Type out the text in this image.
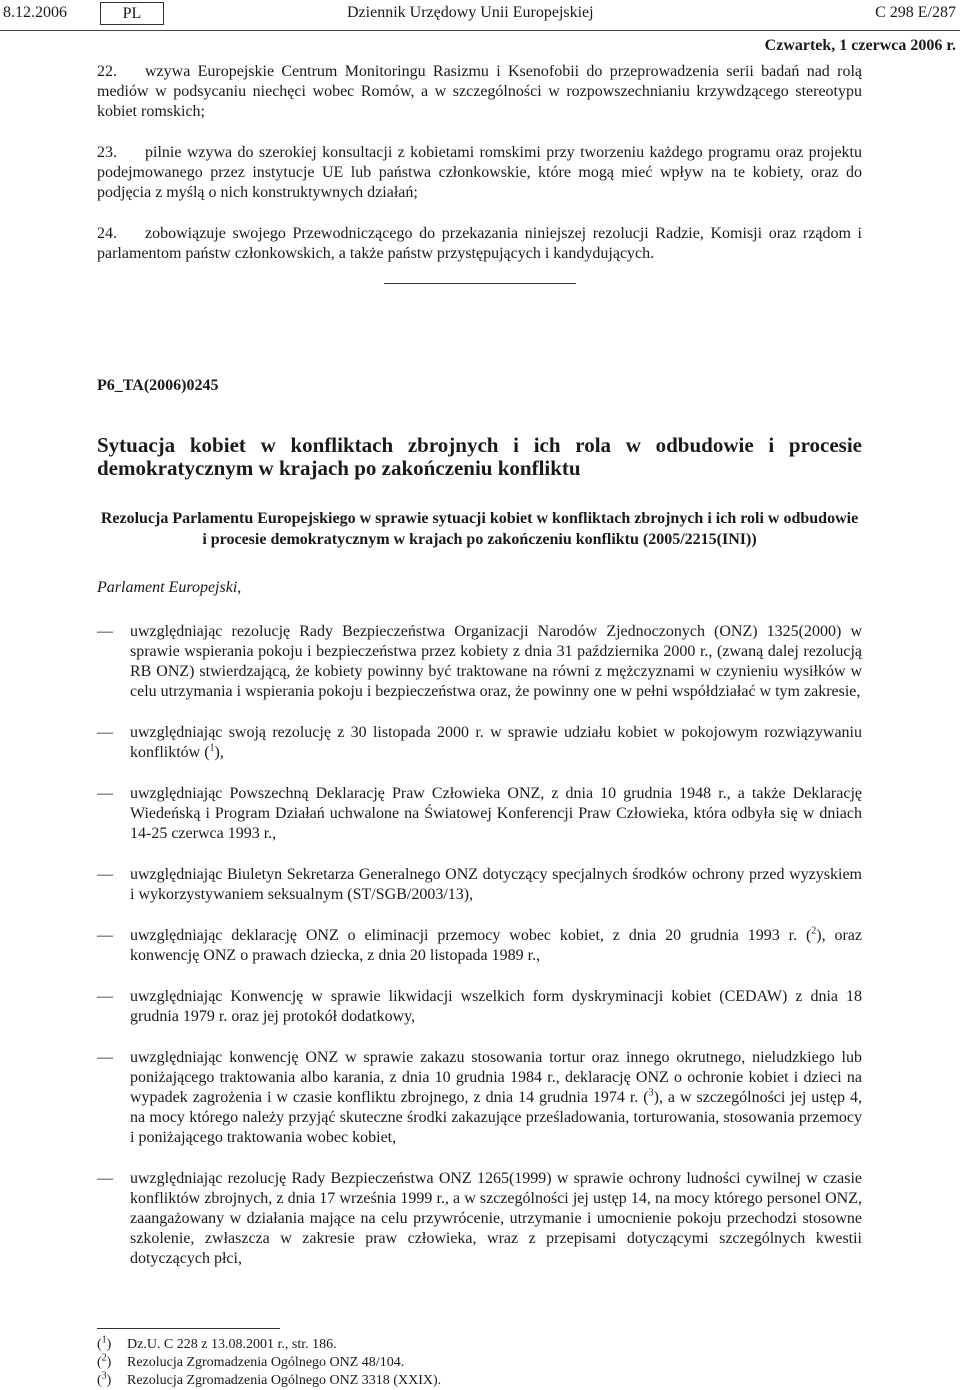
8.12.2006	PL	Dziennik Urzędowy Unii Europejskiej	C 298 E/287
Czwartek, 1 czerwca 2006 r.

22. wzywa Europejskie Centrum Monitoringu Rasizmu i Ksenofobii do przeprowadzenia serii badań nad rolą mediów w podsycaniu niechęci wobec Romów, a w szczególności w rozpowszechnianiu krzywdzącego stereotypu kobiet romskich;

23. pilnie wzywa do szerokiej konsultacji z kobietami romskimi przy tworzeniu każdego programu oraz projektu podejmowanego przez instytucje UE lub państwa członkowskie, które mogą mieć wpływ na te kobiety, oraz do podjęcia z myślą o nich konstruktywnych działań;

24. zobowiązuje swojego Przewodniczącego do przekazania niniejszej rezolucji Radzie, Komisji oraz rządom i parlamentom państw członkowskich, a także państw przystępujących i kandydujących.

P6_TA(2006)0245
Sytuacja kobiet w konfliktach zbrojnych i ich rola w odbudowie i procesie demokratycznym w krajach po zakończeniu konfliktu
Rezolucja Parlamentu Europejskiego w sprawie sytuacji kobiet w konfliktach zbrojnych i ich roli w odbudowie i procesie demokratycznym w krajach po zakończeniu konfliktu (2005/2215(INI))
Parlament Europejski,

— uwzględniając rezolucję Rady Bezpieczeństwa Organizacji Narodów Zjednoczonych (ONZ) 1325(2000) w sprawie wspierania pokoju i bezpieczeństwa przez kobiety z dnia 31 października 2000 r., (zwaną dalej rezolucją RB ONZ) stwierdzającą, że kobiety powinny być traktowane na równi z mężczyznami w czynieniu wysiłków w celu utrzymania i wspierania pokoju i bezpieczeństwa oraz, że powinny one w pełni współdziałać w tym zakresie,

— uwzględniając swoją rezolucję z 30 listopada 2000 r. w sprawie udziału kobiet w pokojowym rozwiązywaniu konfliktów ($^1$),

— uwzględniając Powszechną Deklarację Praw Człowieka ONZ, z dnia 10 grudnia 1948 r., a także Deklarację Wiedeńską i Program Działań uchwalone na Światowej Konferencji Praw Człowieka, która odbyła się w dniach 14-25 czerwca 1993 r.,

— uwzględniając Biuletyn Sekretarza Generalnego ONZ dotyczący specjalnych środków ochrony przed wyzyskiem i wykorzystywaniem seksualnym (ST/SGB/2003/13),

— uwzględniając deklarację ONZ o eliminacji przemocy wobec kobiet, z dnia 20 grudnia 1993 r. ($^2$), oraz konwencję ONZ o prawach dziecka, z dnia 20 listopada 1989 r.,

— uwzględniając Konwencję w sprawie likwidacji wszelkich form dyskryminacji kobiet (CEDAW) z dnia 18 grudnia 1979 r. oraz jej protokół dodatkowy,

— uwzględniając konwencję ONZ w sprawie zakazu stosowania tortur oraz innego okrutnego, nieludzkiego lub poniżającego traktowania albo karania, z dnia 10 grudnia 1984 r., deklarację ONZ o ochronie kobiet i dzieci na wypadek zagrożenia i w czasie konfliktu zbrojnego, z dnia 14 grudnia 1974 r. ($^3$), a w szczególności jej ustęp 4, na mocy którego należy przyjąć skuteczne środki zakazujące prześladowania, torturowania, stosowania przemocy i poniżającego traktowania wobec kobiet,

— uwzględniając rezolucję Rady Bezpieczeństwa ONZ 1265(1999) w sprawie ochrony ludności cywilnej w czasie konfliktów zbrojnych, z dnia 17 września 1999 r., a w szczególności jej ustęp 14, na mocy którego personel ONZ, zaangażowany w działania mające na celu przywrócenie, utrzymanie i umocnienie pokoju przechodzi stosowne szkolenie, zwłaszcza w zakresie praw człowieka, wraz z przepisami dotyczącymi szczególnych kwestii dotyczących płci,

($^1$) Dz.U. C 228 z 13.08.2001 r., str. 186.
($^2$) Rezolucja Zgromadzenia Ogólnego ONZ 48/104.
($^3$) Rezolucja Zgromadzenia Ogólnego ONZ 3318 (XXIX).
